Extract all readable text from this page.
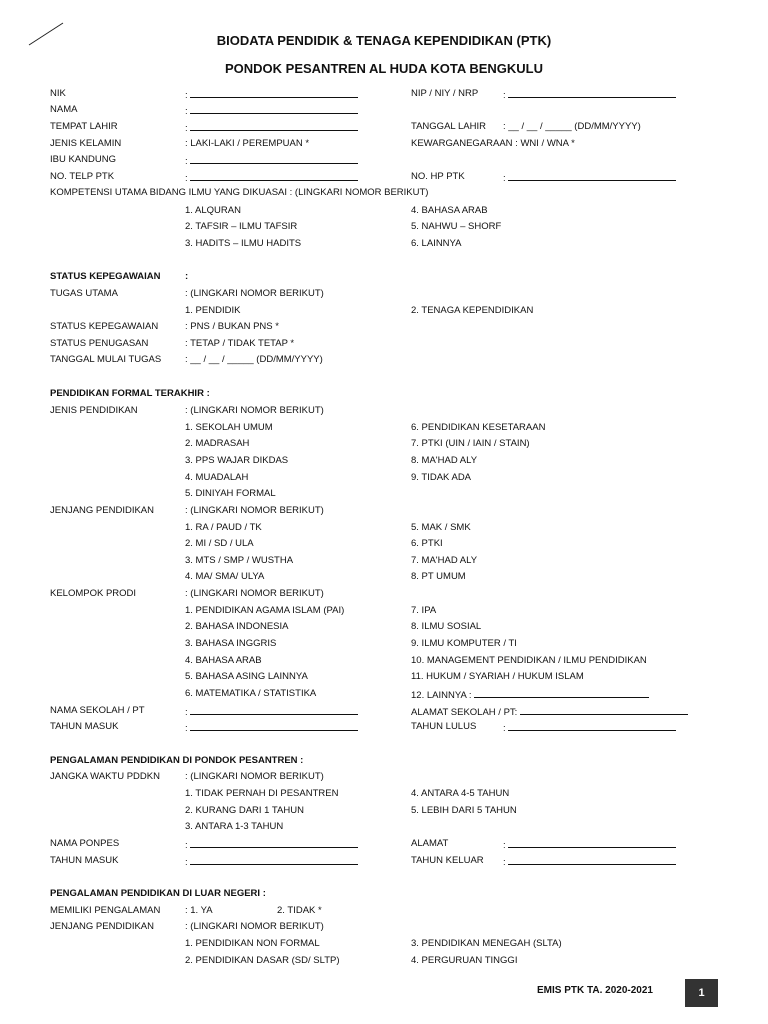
BIODATA PENDIDIK & TENAGA KEPENDIDIKAN (PTK)
PONDOK PESANTREN AL HUDA KOTA BENGKULU
NIK	:	NIP / NIY / NRP	:
NAMA	:
TEMPAT LAHIR	:	TANGGAL LAHIR : __ / __ / _____ (DD/MM/YYYY)
JENIS KELAMIN	: LAKI-LAKI / PEREMPUAN *	KEWARGANEGARAAN : WNI / WNA *
IBU KANDUNG	:
NO. TELP PTK	:	NO. HP PTK	:
KOMPETENSI UTAMA BIDANG ILMU YANG DIKUASAI : (LINGKARI NOMOR BERIKUT)
1. ALQURAN
2. TAFSIR – ILMU TAFSIR
3. HADITS – ILMU HADITS
4. BAHASA ARAB
5. NAHWU – SHORF
6. LAINNYA
STATUS KEPEGAWAIAN	:
TUGAS UTAMA	: (LINGKARI NOMOR BERIKUT)
1. PENDIDIK	2. TENAGA KEPENDIDIKAN
STATUS KEPEGAWAIAN	: PNS / BUKAN PNS *
STATUS PENUGASAN	: TETAP / TIDAK TETAP *
TANGGAL MULAI TUGAS	: __ / __ / _____ (DD/MM/YYYY)
PENDIDIKAN FORMAL TERAKHIR :
JENIS PENDIDIKAN	: (LINGKARI NOMOR BERIKUT)
1. SEKOLAH UMUM
2. MADRASAH
3. PPS WAJAR DIKDAS
4. MUADALAH
5. DINIYAH FORMAL
6. PENDIDIKAN KESETARAAN
7. PTKI (UIN / IAIN / STAIN)
8. MA'HAD ALY
9. TIDAK ADA
JENJANG PENDIDIKAN	: (LINGKARI NOMOR BERIKUT)
1. RA / PAUD / TK
2. MI / SD / ULA
3. MTS / SMP / WUSTHA
4. MA/ SMA/ ULYA
5. MAK / SMK
6. PTKI
7. MA'HAD ALY
8. PT UMUM
KELOMPOK PRODI	: (LINGKARI NOMOR BERIKUT)
1. PENDIDIKAN AGAMA ISLAM (PAI)
2. BAHASA INDONESIA
3. BAHASA INGGRIS
4. BAHASA ARAB
5. BAHASA ASING LAINNYA
6. MATEMATIKA / STATISTIKA
7. IPA
8. ILMU SOSIAL
9. ILMU KOMPUTER / TI
10. MANAGEMENT PENDIDIKAN / ILMU PENDIDIKAN
11. HUKUM / SYARIAH / HUKUM ISLAM
12. LAINNYA :
NAMA SEKOLAH / PT	:	ALAMAT SEKOLAH / PT:
TAHUN MASUK	:	TAHUN LULUS	:
PENGALAMAN PENDIDIKAN DI PONDOK PESANTREN :
JANGKA WAKTU PDDKN	: (LINGKARI NOMOR BERIKUT)
1. TIDAK PERNAH DI PESANTREN
2. KURANG DARI 1 TAHUN
3. ANTARA 1-3 TAHUN
4. ANTARA 4-5 TAHUN
5. LEBIH DARI 5 TAHUN
NAMA PONPES	:	ALAMAT	:
TAHUN MASUK	:	TAHUN KELUAR :
PENGALAMAN PENDIDIKAN DI LUAR NEGERI :
MEMILIKI PENGALAMAN	: 1. YA	2. TIDAK *
JENJANG PENDIDIKAN	: (LINGKARI NOMOR BERIKUT)
1. PENDIDIKAN NON FORMAL
2. PENDIDIKAN DASAR (SD/ SLTP)
3. PENDIDIKAN MENEGAH (SLTA)
4. PERGURUAN TINGGI
EMIS PTK TA. 2020-2021	1
